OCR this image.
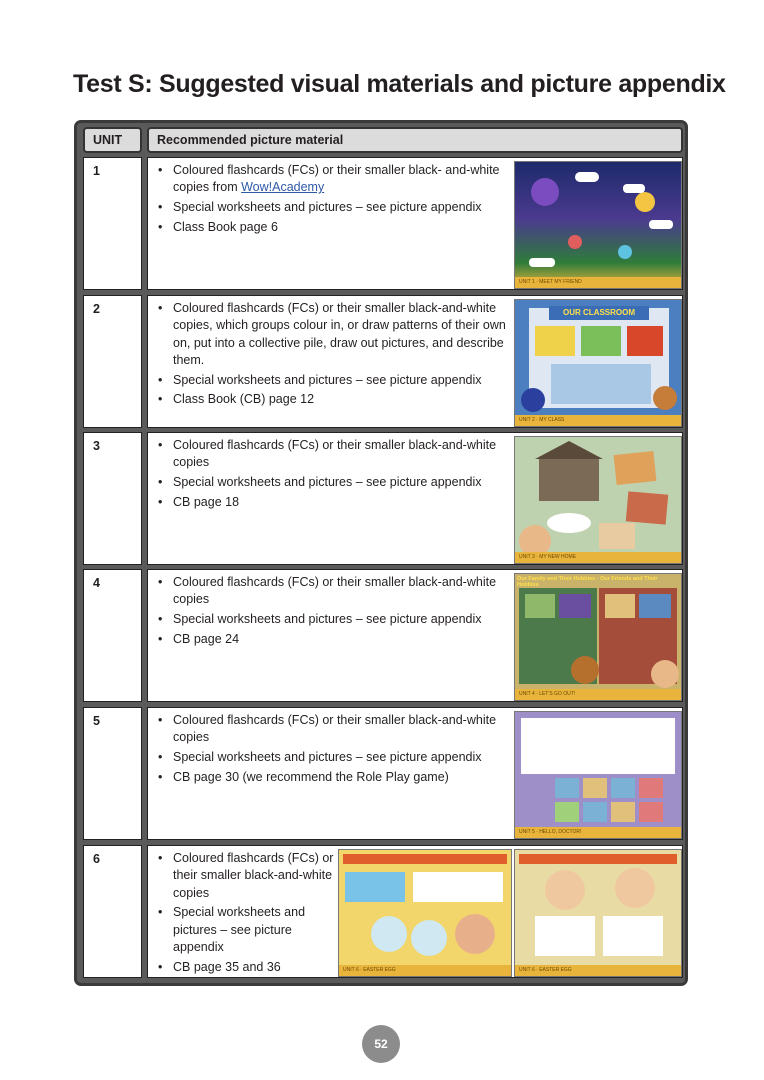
Test S: Suggested visual materials and picture appendix
UNIT	Recommended picture material
1	• Coloured flashcards (FCs) or their smaller black- and-white copies from Wow!Academy
• Special worksheets and pictures – see picture appendix
• Class Book page 6
UNIT 1 · MEET MY FRIEND
2	• Coloured flashcards (FCs) or their smaller black-and-white copies, which groups colour in, or draw patterns of their own on, put into a collective pile, draw out pictures, and describe them.
• Special worksheets and pictures – see picture appendix
• Class Book (CB) page 12
OUR CLASSROOM
UNIT 2 · MY CLASS
3	• Coloured flashcards (FCs) or their smaller black-and-white copies
• Special worksheets and pictures – see picture appendix
• CB page 18
UNIT 3 · MY NEW HOME
4	• Coloured flashcards (FCs) or their smaller black-and-white copies
• Special worksheets and pictures – see picture appendix
• CB page 24
Our Family and Their Hobbies · Our Friends and Their Hobbies
UNIT 4 · LET'S GO OUT!
5	• Coloured flashcards (FCs) or their smaller black-and-white copies
• Special worksheets and pictures – see picture appendix
• CB page 30 (we recommend the Role Play game)
UNIT 5 · HELLO, DOCTOR!
6	• Coloured flashcards (FCs) or their smaller black-and-white copies
• Special worksheets and pictures – see picture appendix
• CB page 35 and 36	UNIT 6 · EASTER EGG	UNIT 6 · EASTER EGG
52
